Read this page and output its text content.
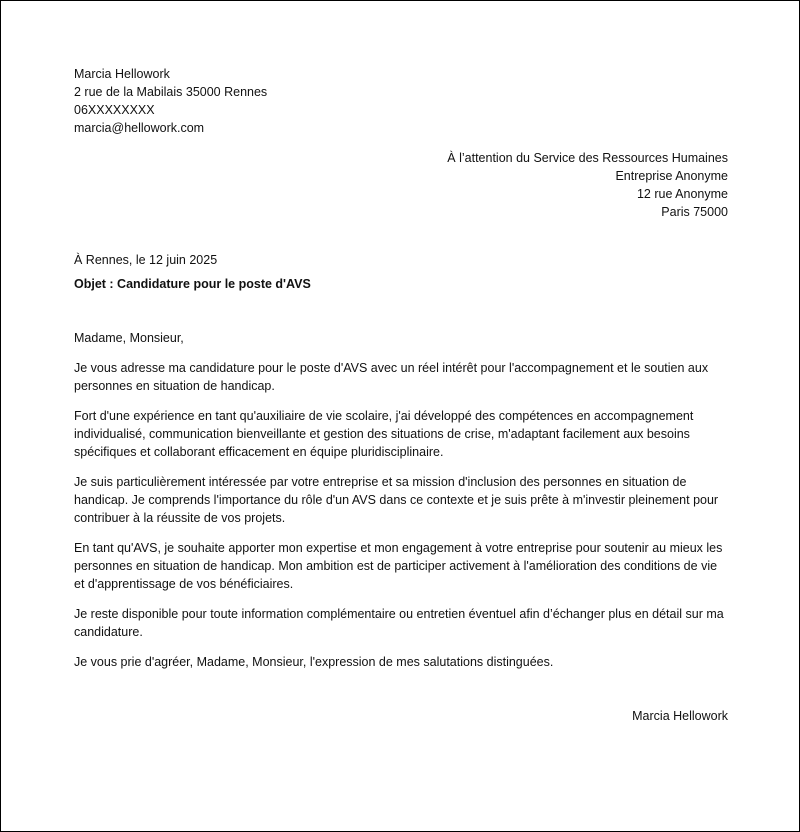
Marcia Hellowork
2 rue de la Mabilais 35000 Rennes
06XXXXXXXX
marcia@hellowork.com
À l’attention du Service des Ressources Humaines
Entreprise Anonyme
12 rue Anonyme
Paris 75000
À Rennes, le 12 juin 2025
Objet : Candidature pour le poste d'AVS
Madame, Monsieur,

Je vous adresse ma candidature pour le poste d'AVS avec un réel intérêt pour l'accompagnement et le soutien aux personnes en situation de handicap.

Fort d'une expérience en tant qu'auxiliaire de vie scolaire, j'ai développé des compétences en accompagnement individualisé, communication bienveillante et gestion des situations de crise, m'adaptant facilement aux besoins spécifiques et collaborant efficacement en équipe pluridisciplinaire.

Je suis particulièrement intéressée par votre entreprise et sa mission d'inclusion des personnes en situation de handicap. Je comprends l'importance du rôle d'un AVS dans ce contexte et je suis prête à m'investir pleinement pour contribuer à la réussite de vos projets.

En tant qu'AVS, je souhaite apporter mon expertise et mon engagement à votre entreprise pour soutenir au mieux les personnes en situation de handicap. Mon ambition est de participer activement à l'amélioration des conditions de vie et d'apprentissage de vos bénéficiaires.

Je reste disponible pour toute information complémentaire ou entretien éventuel afin d’échanger plus en détail sur ma candidature.

Je vous prie d'agréer, Madame, Monsieur, l'expression de mes salutations distinguées.
Marcia Hellowork
